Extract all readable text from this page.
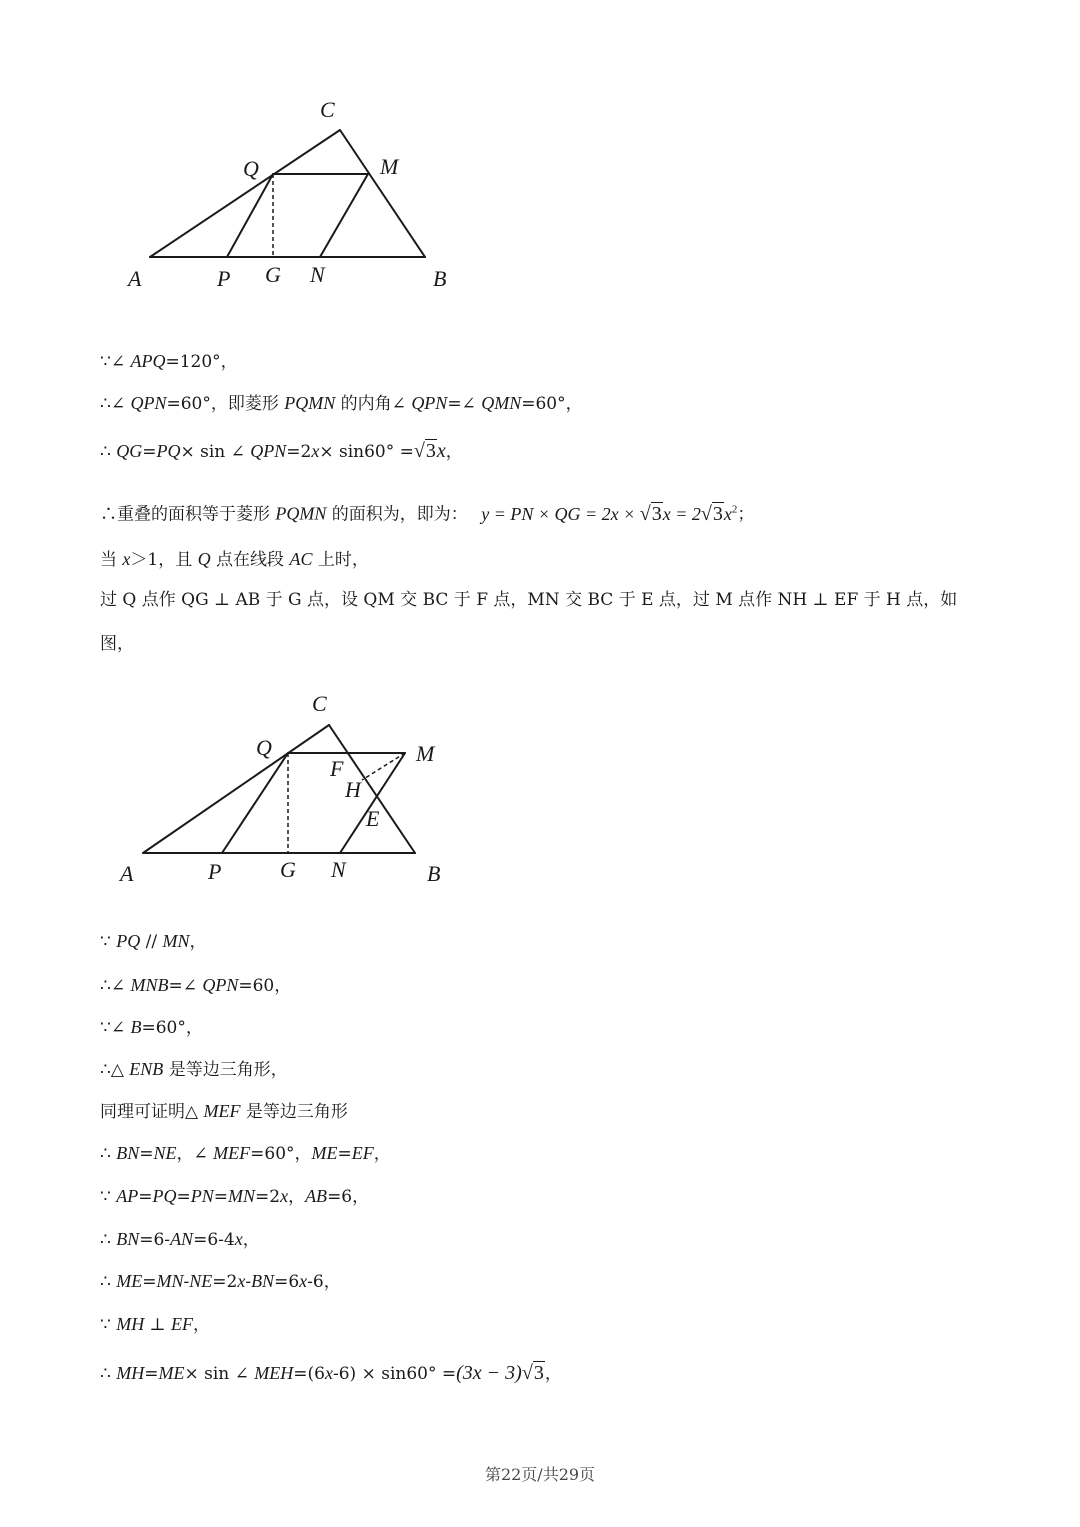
C
Q	M
A	P G N	B
∵∠ APQ=120°，
∴∠ QPN=60°，即菱形 PQMN 的内角∠ QPN=∠ QMN=60°，
∴ QG=PQ× sin ∠ QPN=2x× sin60° =√3x，
∴重叠的面积等于菱形 PQMN 的面积为，即为： y = PN × QG = $2x \times √3x = 2√3x^2$；
当 x＞1，且 Q 点在线段 AC 上时，
过 Q 点作 QG ⊥ AB 于 G 点，设 QM 交 BC 于 F 点，MN 交 BC 于 E 点，过 M 点作 NH ⊥ EF 于 H 点，如图，
C
Q	M
F
H
E
A	P	G N	B
∵ PQ // MN，
∴∠ MNB=∠ QPN=60，
∵∠ B=60°，
∴△ ENB 是等边三角形，
同理可证明△ MEF 是等边三角形
∴ BN=NE，∠ MEF=60°，ME=EF，
∵ AP=PQ=PN=MN=2x，AB=6，
∴ BN=6-AN=6-4x，
∴ ME=MN-NE=2x-BN=6x-6，
∵ MH ⊥ EF，
∴ MH=ME× sin ∠ MEH=(6x-6) × sin60° =(3x − 3)√3，
第22页/共29页
